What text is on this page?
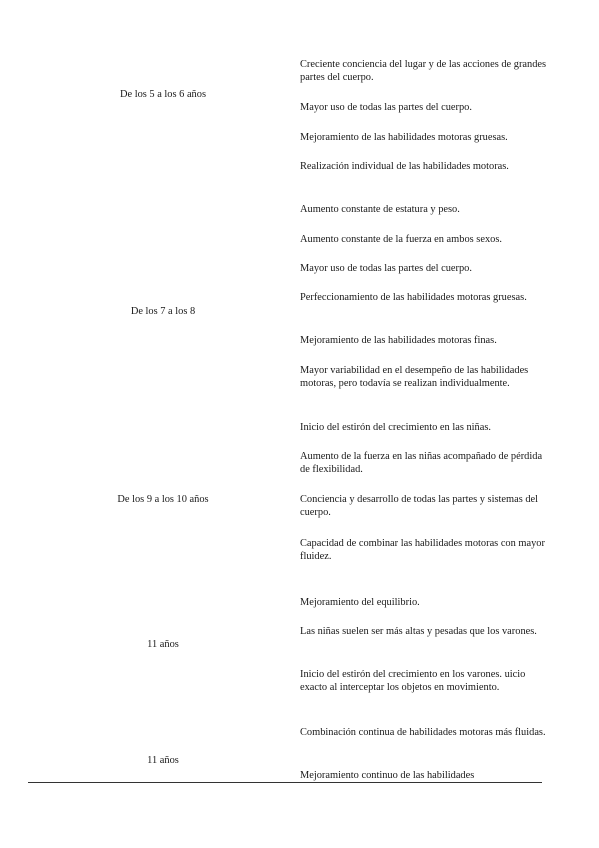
De los 5 a los 6 años
De los 7 a los 8
De los 9 a los 10 años
11 años
11 años
Creciente conciencia del lugar y de las acciones de grandes partes del cuerpo.
Mayor uso de todas las partes del cuerpo.
Mejoramiento de las habilidades motoras gruesas.
Realización individual de las habilidades motoras.
Aumento constante de estatura y peso.
Aumento constante de la fuerza en ambos sexos.
Mayor uso de todas las partes del cuerpo.
Perfeccionamiento de las habilidades motoras gruesas.
Mejoramiento de las habilidades motoras finas.
Mayor variabilidad en el desempeño de las habilidades motoras, pero todavía se realizan individualmente.
Inicio del estirón del crecimiento en las niñas.
Aumento de la fuerza en las niñas acompañado de pérdida de flexibilidad.
Conciencia y desarrollo de todas las partes y sistemas del cuerpo.
Capacidad de combinar las habilidades motoras con mayor fluidez.
Mejoramiento del equilibrio.
Las niñas suelen ser más altas y pesadas que los varones.
Inicio del estirón del crecimiento en los varones. uicio exacto al interceptar los objetos en movimiento.
Combinación continua de habilidades motoras más fluidas.
Mejoramiento continuo de las habilidades
